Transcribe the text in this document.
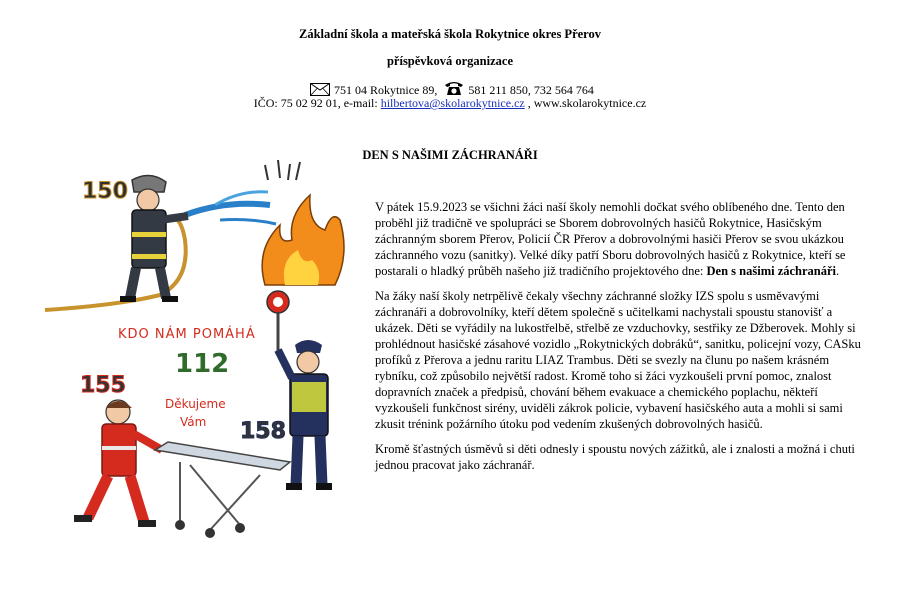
Základní škola a mateřská škola Rokytnice okres Přerov
příspěvková organizace
751 04 Rokytnice 89,	581 211 850, 732 564 764
IČO: 75 02 92 01, e-mail: hilbertova@skolarokytnice.cz , www.skolarokytnice.cz
DEN S NAŠIMI ZÁCHRANÁŘI
150
KDO NÁM POMÁHÁ
112
155
Děkujeme
Vám 158

V pátek 15.9.2023 se všichni žáci naší školy nemohli dočkat svého oblíbeného dne. Tento den proběhl již tradičně ve spolupráci se Sborem dobrovolných hasičů Rokytnice, Hasičským záchranným sborem Přerov, Policií ČR Přerov a dobrovolnými hasiči Přerov se svou ukázkou záchranného vozu (sanitky). Velké díky patří Sboru dobrovolných hasičů z Rokytnice, kteří se postarali o hladký průběh našeho již tradičního projektového dne: Den s našimi záchranáři.

Na žáky naší školy netrpělivě čekaly všechny záchranné složky IZS spolu s usměvavými záchranáři a dobrovolníky, kteří dětem společně s učitelkami nachystali spoustu stanovišť a ukázek. Děti se vyřádily na lukostřelbě, střelbě ze vzduchovky, sestřiky ze Džberovek. Mohly si prohlédnout hasičské zásahové vozidlo „Rokytnických dobráků“, sanitku, policejní vozy, CASku profíků z Přerova a jednu raritu LIAZ Trambus. Děti se svezly na člunu po našem krásném rybníku, což způsobilo největší radost. Kromě toho si žáci vyzkoušeli první pomoc, znalost dopravních značek a předpisů, chování během evakuace a chemického poplachu, někteří vyzkoušeli funkčnost sirény, uviděli zákrok policie, vybavení hasičského auta a mohli si sami zkusit trénink požárního útoku pod vedením zkušených dobrovolných hasičů.

Kromě šťastných úsměvů si děti odnesly i spoustu nových zážitků, ale i znalosti a možná i chuti jednou pracovat jako záchranář.
